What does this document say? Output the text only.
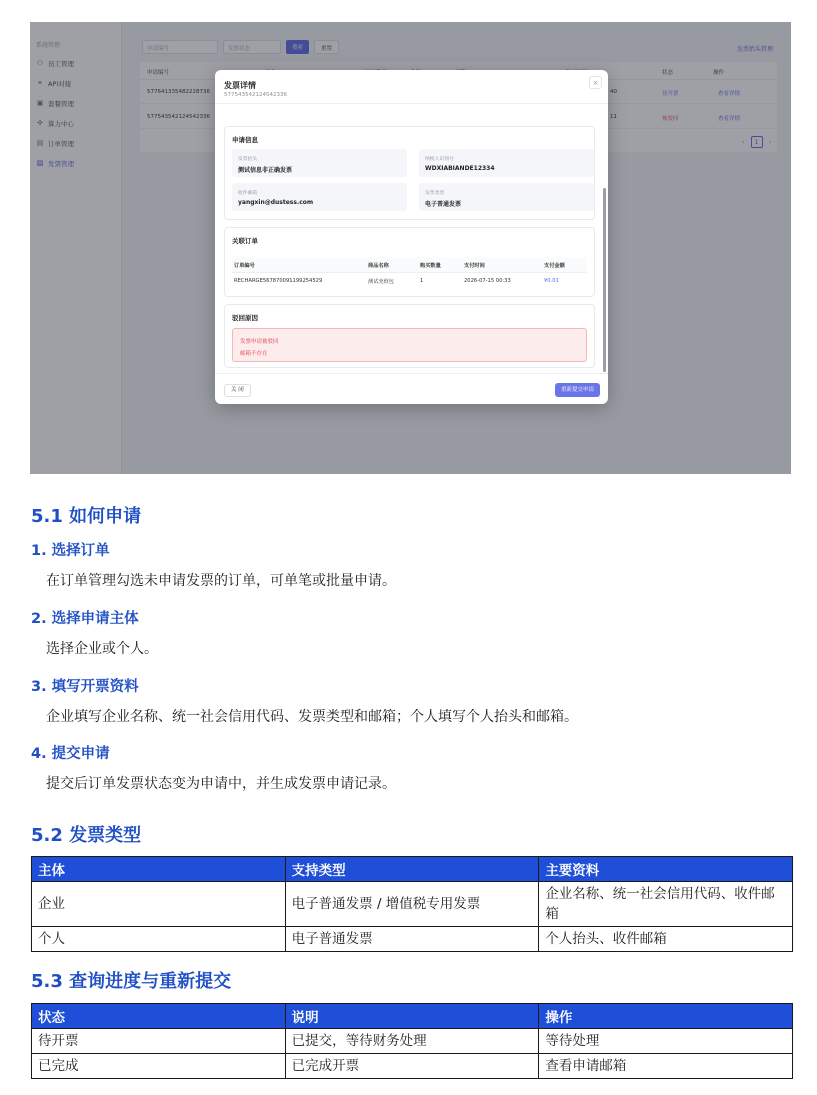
系统管理
⚇ 员工管理
⚭ API对接
▣ 套餐管理
✣ 算力中心
▤ 订单管理
▧ 发票管理
申请编号	发票状态	搜索	重置	发票抬头管理
申请编号	状态	操作
577641335482228736	40	待开票	查看详情
577543542124542336	11	被驳回	查看详情
‹	1	›
发票详情
577543542124542336
×
申请信息
发票抬头
测试信息非正确发票
纳税人识别号
WDXIABIANDE12334
收件邮箱
yangxin@dustess.com
发票类型
电子普通发票
关联订单
订单编号	商品名称	购买数量	支付时间	支付金额
RECHARGE56787009119925452​9	测试充值包	1	2026-07-15 00:33	¥0.01
驳回原因
发票申请被驳回
邮箱不存在
关 闭	重新提交申请
5.1 如何申请
1. 选择订单
在订单管理勾选未申请发票的订单，可单笔或批量申请。
2. 选择申请主体
选择企业或个人。
3. 填写开票资料
企业填写企业名称、统一社会信用代码、发票类型和邮箱；个人填写个人抬头和邮箱。
4. 提交申请
提交后订单发票状态变为申请中，并生成发票申请记录。
5.2 发票类型
主体	支持类型	主要资料
企业	电子普通发票 / 增值税专用发票	企业名称、统一社会信用代码、收件邮箱
个人	电子普通发票	个人抬头、收件邮箱
5.3 查询进度与重新提交
状态	说明	操作
待开票	已提交，等待财务处理	等待处理
已完成	已完成开票	查看申请邮箱
